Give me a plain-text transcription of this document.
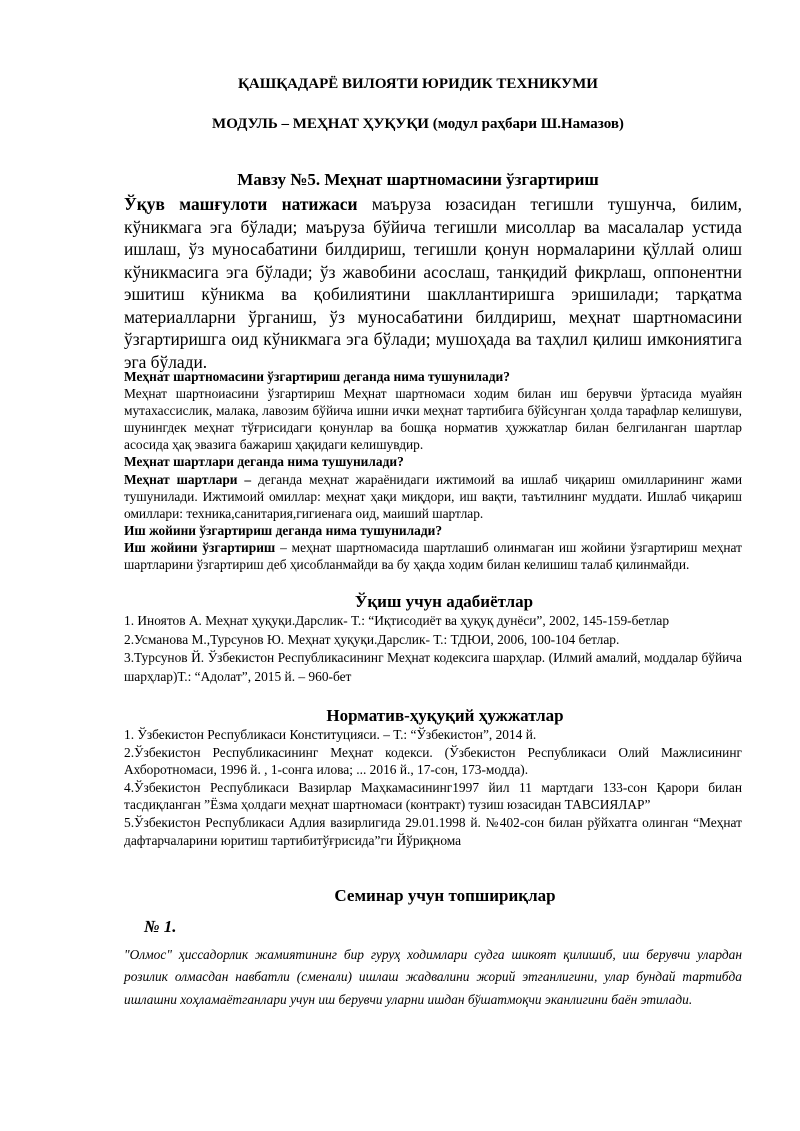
ҚАШҚАДАРЁ ВИЛОЯТИ ЮРИДИК ТЕХНИКУМИ
МОДУЛЬ – МЕҲНАТ ҲУҚУҚИ (модул раҳбари Ш.Намазов)
Мавзу №5. Меҳнат шартномасини ўзгартириш
Ўқув машғулоти натижаси маъруза юзасидан тегишли тушунча, билим, кўникмага эга бўлади; маъруза бўйича тегишли мисоллар ва масалалар устида ишлаш, ўз муносабатини билдириш, тегишли қонун нормаларини қўллай олиш кўникмасига эга бўлади; ўз жавобини асослаш, танқидий фикрлаш, оппонентни эшитиш кўникма ва қобилиятини шакллантиришга эришилади; тарқатма материалларни ўрганиш, ўз муносабатини билдириш, меҳнат шартномасини ўзгартиришга оид кўникмага эга бўлади; мушоҳада ва таҳлил қилиш имкониятига эга бўлади.
Меҳнат шартномасини ўзгартириш деганда нима тушунилади?
Меҳнат шартноиасини ўзгартириш Меҳнат шартномаси ходим билан иш берувчи ўртасида муайян мутахассислик, малака, лавозим бўйича ишни ички меҳнат тартибига бўйсунган ҳолда тарафлар келишуви, шунингдек меҳнат тўғрисидаги қонунлар ва бошқа норматив ҳужжатлар билан белгиланган шартлар асосида ҳақ эвазига бажариш ҳақидаги келишувдир.
Меҳнат шартлари деганда нима тушунилади?
Меҳнат шартлари – деганда меҳнат жараёнидаги ижтимоий ва ишлаб чиқариш омилларининг жами тушунилади. Ижтимоий омиллар: меҳнат ҳақи миқдори, иш вақти, таътилнинг муддати. Ишлаб чиқариш омиллари: техника,санитария,гигиенага оид, маиший шартлар.
Иш жойини ўзгартириш деганда нима тушунилади?
Иш жойини ўзгартириш – меҳнат шартномасида шартлашиб олинмаган иш жойини ўзгартириш меҳнат шартларини ўзгартириш деб ҳисобланмайди ва бу ҳақда ходим билан келишиш талаб қилинмайди.
Ўқиш учун адабиётлар
1. Иноятов А. Меҳнат ҳуқуқи.Дарслик- Т.: “Иқтисодиёт ва ҳуқуқ дунёси”, 2002, 145-159-бетлар
2.Усманова М.,Турсунов Ю. Меҳнат ҳуқуқи.Дарслик- Т.: ТДЮИ, 2006, 100-104 бетлар.
3.Турсунов Й. Ўзбекистон Республикасининг Меҳнат кодексига шарҳлар. (Илмий амалий, моддалар бўйича шарҳлар)Т.: “Адолат”, 2015 й. – 960-бет
Норматив-ҳуқуқий ҳужжатлар
1. Ўзбекистон Республикаси Конституцияси. – Т.: “Ўзбекистон”, 2014 й.
2.Ўзбекистон Республикасининг Меҳнат кодекси. (Ўзбекистон Республикаси Олий Мажлисининг Ахборотномаси, 1996 й. , 1-сонга илова; ... 2016 й., 17-сон, 173-модда).
4.Ўзбекистон Республикаси Вазирлар Маҳкамасининг1997 йил 11 мартдаги 133-сон Қарори билан тасдиқланган ”Ёзма ҳолдаги меҳнат шартномаси (контракт) тузиш юзасидан ТАВСИЯЛАР”
5.Ўзбекистон Республикаси Адлия вазирлигида 29.01.1998 й. №402-сон билан рўйхатга олинган “Меҳнат дафтарчаларини юритиш тартибитўғрисида”ги Йўриқнома
Семинар учун топшириқлар
№ 1.
"Олмос" ҳиссадорлик жамиятининг бир гуруҳ ходимлари судга шикоят қилишиб, иш берувчи улардан розилик олмасдан навбатли (сменали) ишлаш жадвалини жорий этганлигини, улар бундай тартибда ишлашни хоҳламаётганлари учун иш берувчи уларни ишдан бўшатмоқчи эканлигини баён этилади.
